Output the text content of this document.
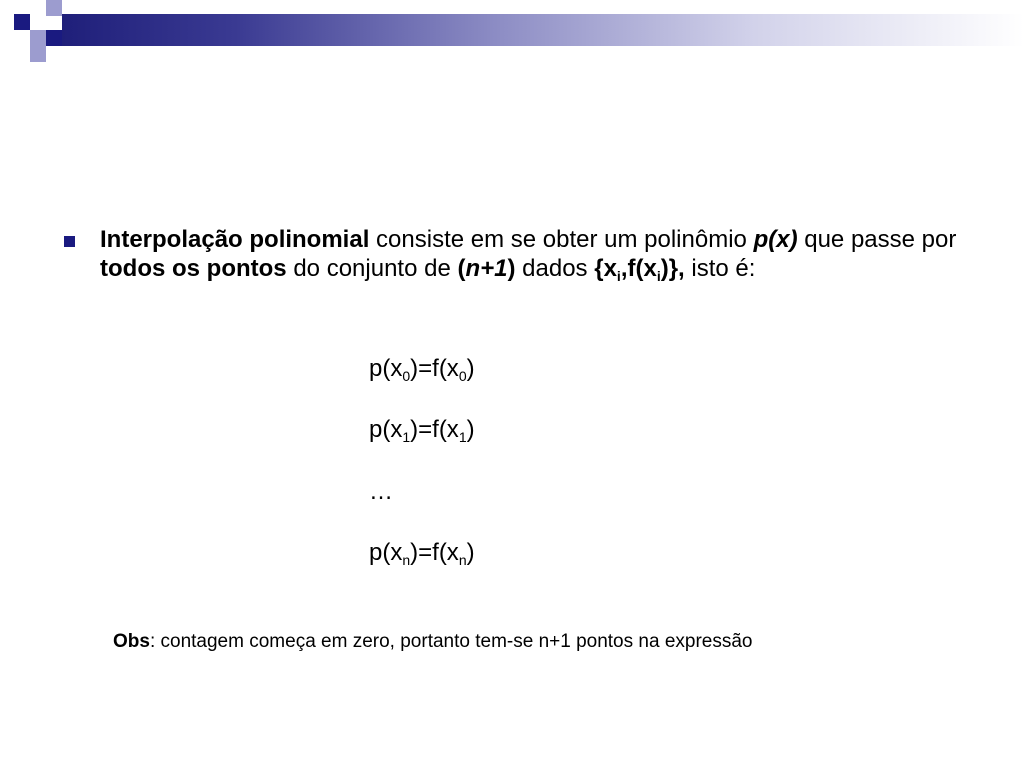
Interpolação polinomial consiste em se obter um polinômio p(x) que passe por todos os pontos do conjunto de (n+1) dados $\{x_i,f(x_i)\}$, isto é:
$p(x_0)=f(x_0)$
$p(x_1)=f(x_1)$
…
$p(x_n)=f(x_n)$
Obs: contagem começa em zero, portanto tem-se n+1 pontos na expressão
